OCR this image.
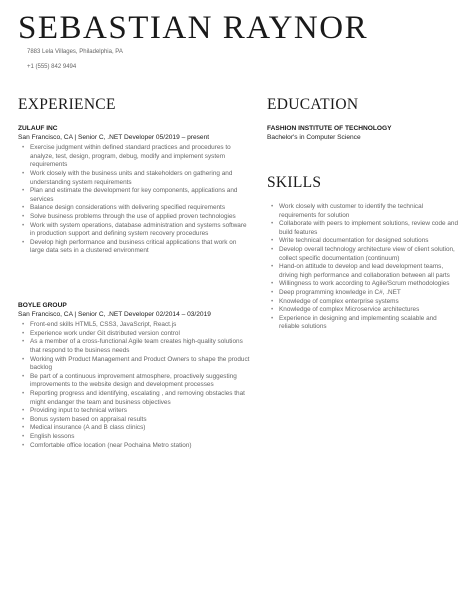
SEBASTIAN RAYNOR
7883 Lela Villages, Philadelphia, PA
+1 (555) 842 9494
EXPERIENCE
ZULAUF INC
San Francisco, CA | Senior C, .NET Developer 05/2019 – present
• Exercise judgment within defined standard practices and procedures to analyze, test, design, program, debug, modify and implement system requirements
• Work closely with the business units and stakeholders on gathering and understanding system requirements
• Plan and estimate the development for key components, applications and services
• Balance design considerations with delivering specified requirements
• Solve business problems through the use of applied proven technologies
• Work with system operations, database administration and systems software in production support and defining system recovery procedures
• Develop high performance and business critical applications that work on large data sets in a clustered environment
BOYLE GROUP
San Francisco, CA | Senior C, .NET Developer 02/2014 – 03/2019
• Front-end skills HTML5, CSS3, JavaScript, React.js
• Experience work under Git distributed version control
• As a member of a cross-functional Agile team creates high-quality solutions that respond to the business needs
• Working with Product Management and Product Owners to shape the product backlog
• Be part of a continuous improvement atmosphere, proactively suggesting improvements to the website design and development processes
• Reporting progress and identifying, escalating , and removing obstacles that might endanger the team and business objectives
• Providing input to technical writers
• Bonus system based on appraisal results
• Medical insurance (A and B class clinics)
• English lessons
• Comfortable office location (near Pochaina Metro station)
EDUCATION
FASHION INSTITUTE OF TECHNOLOGY
Bachelor's in Computer Science
SKILLS
• Work closely with customer to identify the technical requirements for solution
• Collaborate with peers to implement solutions, review code and build features
• Write technical documentation for designed solutions
• Develop overall technology architecture view of client solution, collect specific documentation (continuum)
• Hand-on attitude to develop and lead development teams, driving high performance and collaboration between all parts
• Willingness to work according to Agile/Scrum methodologies
• Deep programming knowledge in C#, .NET
• Knowledge of complex enterprise systems
• Knowledge of complex Microservice architectures
• Experience in designing and implementing scalable and reliable solutions
